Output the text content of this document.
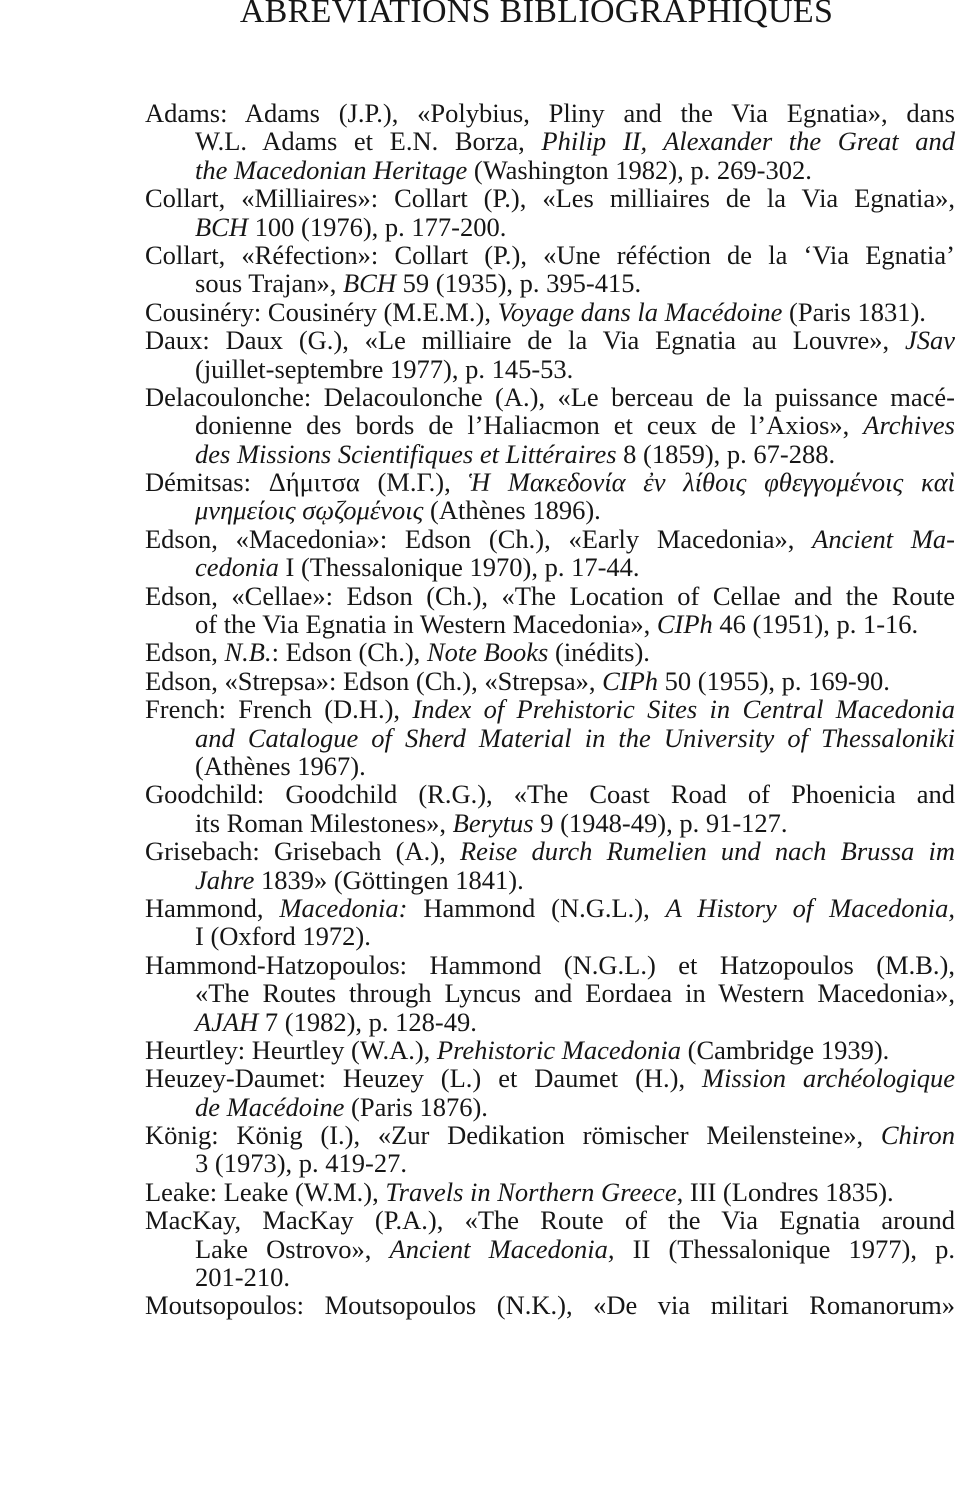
ABREVIATIONS BIBLIOGRAPHIQUES
Adams: Adams (J.P.), «Polybius, Pliny and the Via Egnatia», dans
W.L. Adams et E.N. Borza, Philip II, Alexander the Great and
the Macedonian Heritage (Washington 1982), p. 269-302.
Collart, «Milliaires»: Collart (P.), «Les milliaires de la Via Egnatia»,
BCH 100 (1976), p. 177-200.
Collart, «Réfection»: Collart (P.), «Une réféction de la ‘Via Egnatia’
sous Trajan», BCH 59 (1935), p. 395-415.
Cousinéry: Cousinéry (M.E.M.), Voyage dans la Macédoine (Paris 1831).
Daux: Daux (G.), «Le milliaire de la Via Egnatia au Louvre», JSav
(juillet-septembre 1977), p. 145-53.
Delacoulonche: Delacoulonche (A.), «Le berceau de la puissance macé-
donienne des bords de l’Haliacmon et ceux de l’Axios», Archives
des Missions Scientifiques et Littéraires 8 (1859), p. 67-288.
Démitsas: Δήμιτσα (Μ.Γ.), Ἡ Μακεδονία ἐν λίθοις φθεγγομένοις καὶ
μνημείοις σῳζομένοις (Athènes 1896).
Edson, «Macedonia»: Edson (Ch.), «Early Macedonia», Ancient Ma-
cedonia I (Thessalonique 1970), p. 17-44.
Edson, «Cellae»: Edson (Ch.), «The Location of Cellae and the Route
of the Via Egnatia in Western Macedonia», CIPh 46 (1951), p. 1-16.
Edson, N.B.: Edson (Ch.), Note Books (inédits).
Edson, «Strepsa»: Edson (Ch.), «Strepsa», CIPh 50 (1955), p. 169-90.
French: French (D.H.), Index of Prehistoric Sites in Central Macedonia
and Catalogue of Sherd Material in the University of Thessaloniki
(Athènes 1967).
Goodchild: Goodchild (R.G.), «The Coast Road of Phoenicia and
its Roman Milestones», Berytus 9 (1948-49), p. 91-127.
Grisebach: Grisebach (A.), Reise durch Rumelien und nach Brussa im
Jahre 1839» (Göttingen 1841).
Hammond, Macedonia: Hammond (N.G.L.), A History of Macedonia,
I (Oxford 1972).
Hammond-Hatzopoulos: Hammond (N.G.L.) et Hatzopoulos (M.B.),
«The Routes through Lyncus and Eordaea in Western Macedonia»,
AJAH 7 (1982), p. 128-49.
Heurtley: Heurtley (W.A.), Prehistoric Macedonia (Cambridge 1939).
Heuzey-Daumet: Heuzey (L.) et Daumet (H.), Mission archéologique
de Macédoine (Paris 1876).
König: König (I.), «Zur Dedikation römischer Meilensteine», Chiron
3 (1973), p. 419-27.
Leake: Leake (W.M.), Travels in Northern Greece, III (Londres 1835).
MacKay, MacKay (P.A.), «The Route of the Via Egnatia around
Lake Ostrovo», Ancient Macedonia, II (Thessalonique 1977), p.
201-210.
Moutsopoulos: Moutsopoulos (N.K.), «De via militari Romanorum»
